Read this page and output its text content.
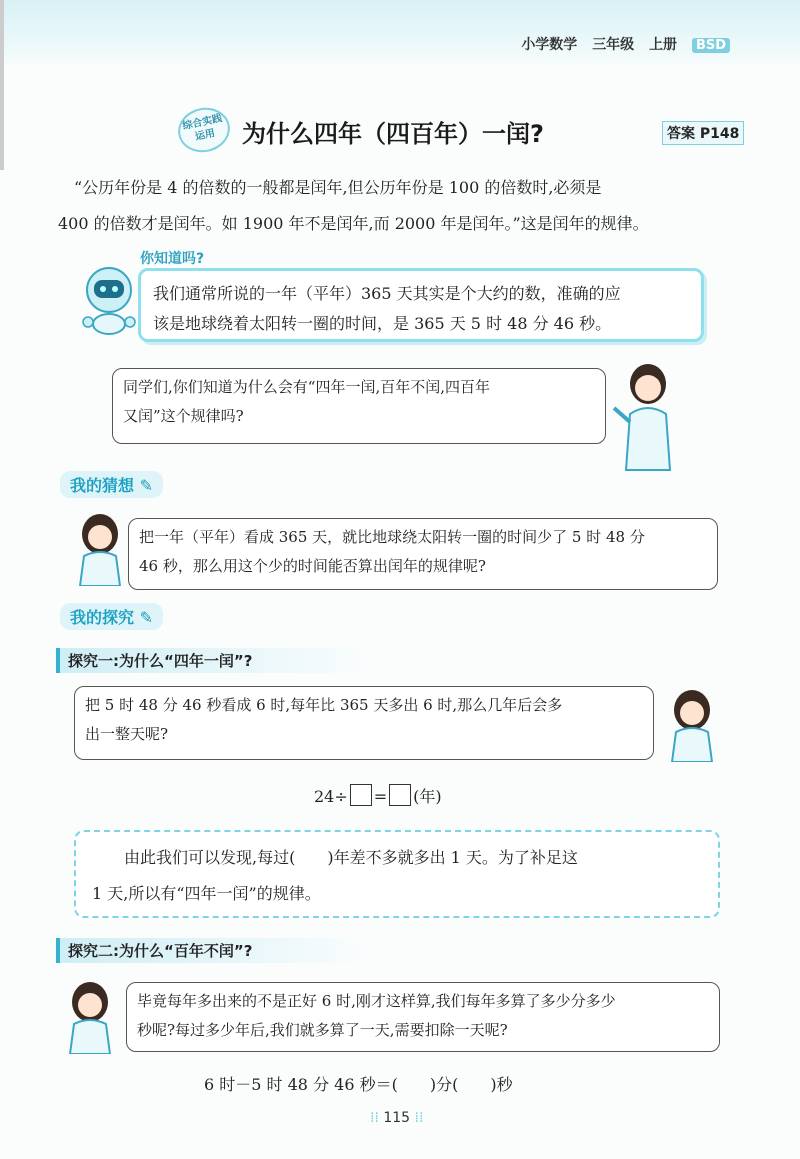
小学数学 三年级 上册 BSD
综合实践
运用	为什么四年（四百年）一闰?	答案 P148
“公历年份是 4 的倍数的一般都是闰年,但公历年份是 100 的倍数时,必须是
400 的倍数才是闰年。如 1900 年不是闰年,而 2000 年是闰年。”这是闰年的规律。
你知道吗?
我们通常所说的一年（平年）365 天其实是个大约的数，准确的应
该是地球绕着太阳转一圈的时间，是 365 天 5 时 48 分 46 秒。
同学们,你们知道为什么会有“四年一闰,百年不闰,四百年
又闰”这个规律吗?
我的猜想 ✎
把一年（平年）看成 365 天，就比地球绕太阳转一圈的时间少了 5 时 48 分
46 秒，那么用这个少的时间能否算出闰年的规律呢?
我的探究 ✎
探究一:为什么“四年一闰”?
把 5 时 48 分 46 秒看成 6 时,每年比 365 天多出 6 时,那么几年后会多
出一整天呢?
24÷ = (年)
由此我们可以发现,每过(　　)年差不多就多出 1 天。为了补足这
1 天,所以有“四年一闰”的规律。
探究二:为什么“百年不闰”?
毕竟每年多出来的不是正好 6 时,刚才这样算,我们每年多算了多少分多少
秒呢?每过多少年后,我们就多算了一天,需要扣除一天呢?
6 时－5 时 48 分 46 秒＝(　　)分(　　)秒
⁞⁞ 115 ⁞⁞
